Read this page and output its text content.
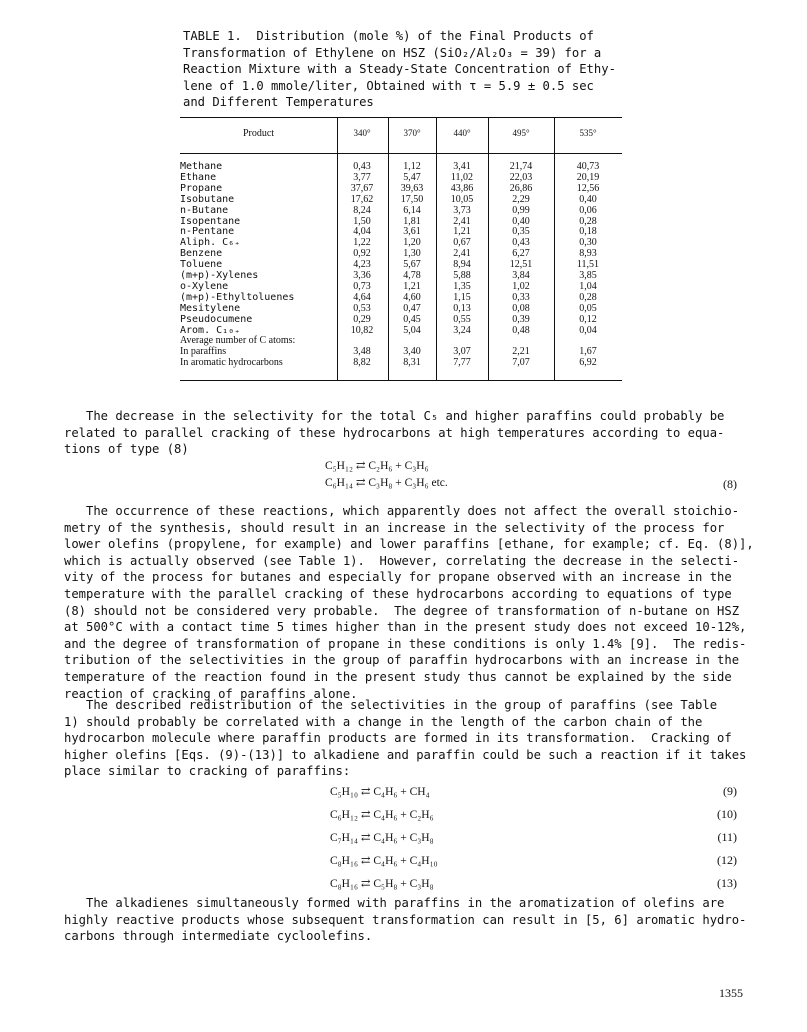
TABLE 1.  Distribution (mole %) of the Final Products of
Transformation of Ethylene on HSZ (SiO₂/Al₂O₃ = 39) for a
Reaction Mixture with a Steady-State Concentration of Ethy-
lene of 1.0 mmole/liter, Obtained with τ = 5.9 ± 0.5 sec
and Different Temperatures
Product	340°	370°	440°	495°	535°
Methane	0,43	1,12	3,41	21,74	40,73
Ethane	3,77	5,47	11,02	22,03	20,19
Propane	37,67	39,63	43,86	26,86	12,56
Isobutane	17,62	17,50	10,05	2,29	0,40
n-Butane	8,24	6,14	3,73	0,99	0,06
Isopentane	1,50	1,81	2,41	0,40	0,28
n-Pentane	4,04	3,61	1,21	0,35	0,18
Aliph. C₆₊	1,22	1,20	0,67	0,43	0,30
Benzene	0,92	1,30	2,41	6,27	8,93
Toluene	4,23	5,67	8,94	12,51	11,51
(m+p)-Xylenes	3,36	4,78	5,88	3,84	3,85
o-Xylene	0,73	1,21	1,35	1,02	1,04
(m+p)-Ethyltoluenes	4,64	4,60	1,15	0,33	0,28
Mesitylene	0,53	0,47	0,13	0,08	0,05
Pseudocumene	0,29	0,45	0,55	0,39	0,12
Arom. C₁₀₊	10,82	5,04	3,24	0,48	0,04
Average number of C atoms:
In paraffins	3,48	3,40	3,07	2,21	1,67
In aromatic hydrocarbons	8,82	8,31	7,77	7,07	6,92
The decrease in the selectivity for the total C₅ and higher paraffins could probably be
related to parallel cracking of these hydrocarbons at high temperatures according to equa-
tions of type (8)
C₅H₁₂ ⇄ C₂H₆ + C₃H₆
C₆H₁₄ ⇄ C₃H₈ + C₃H₆ etc.	(8)
The occurrence of these reactions, which apparently does not affect the overall stoichio-
metry of the synthesis, should result in an increase in the selectivity of the process for
lower olefins (propylene, for example) and lower paraffins [ethane, for example; cf. Eq. (8)],
which is actually observed (see Table 1).  However, correlating the decrease in the selecti-
vity of the process for butanes and especially for propane observed with an increase in the
temperature with the parallel cracking of these hydrocarbons according to equations of type
(8) should not be considered very probable.  The degree of transformation of n-butane on HSZ
at 500°C with a contact time 5 times higher than in the present study does not exceed 10-12%,
and the degree of transformation of propane in these conditions is only 1.4% [9].  The redis-
tribution of the selectivities in the group of paraffin hydrocarbons with an increase in the
temperature of the reaction found in the present study thus cannot be explained by the side
reaction of cracking of paraffins alone.
The described redistribution of the selectivities in the group of paraffins (see Table
1) should probably be correlated with a change in the length of the carbon chain of the
hydrocarbon molecule where paraffin products are formed in its transformation.  Cracking of
higher olefins [Eqs. (9)-(13)] to alkadiene and paraffin could be such a reaction if it takes
place similar to cracking of paraffins:
C₅H₁₀ ⇄ C₄H₆ + CH₄	(9)
C₆H₁₂ ⇄ C₄H₆ + C₂H₆	(10)
C₇H₁₄ ⇄ C₄H₆ + C₃H₈	(11)
C₈H₁₆ ⇄ C₄H₆ + C₄H₁₀	(12)
C₈H₁₆ ⇄ C₅H₈ + C₃H₈	(13)
The alkadienes simultaneously formed with paraffins in the aromatization of olefins are
highly reactive products whose subsequent transformation can result in [5, 6] aromatic hydro-
carbons through intermediate cycloolefins.
1355
